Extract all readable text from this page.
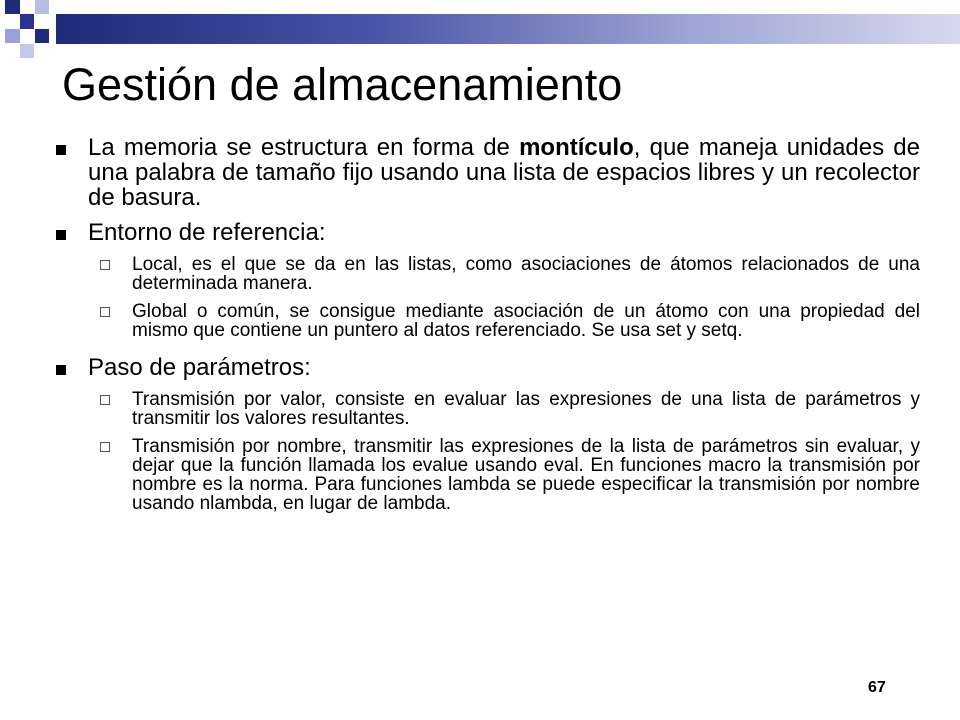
Gestión de almacenamiento
La memoria se estructura en forma de montículo, que maneja unidades de una palabra de tamaño fijo usando una lista de espacios libres y un recolector de basura.
Entorno de referencia:
Local, es el que se da en las listas, como asociaciones de átomos relacionados de una determinada manera.
Global o común, se consigue mediante asociación de un átomo con una propiedad del mismo que contiene un puntero al datos referenciado. Se usa set y setq.
Paso de parámetros:
Transmisión por valor, consiste en evaluar las expresiones de una lista de parámetros y transmitir los valores resultantes.
Transmisión por nombre, transmitir las expresiones de la lista de parámetros sin evaluar, y dejar que la función llamada los evalue usando eval. En funciones macro la transmisión por nombre es la norma. Para funciones lambda se puede especificar la transmisión por nombre usando nlambda, en lugar de lambda.
67
